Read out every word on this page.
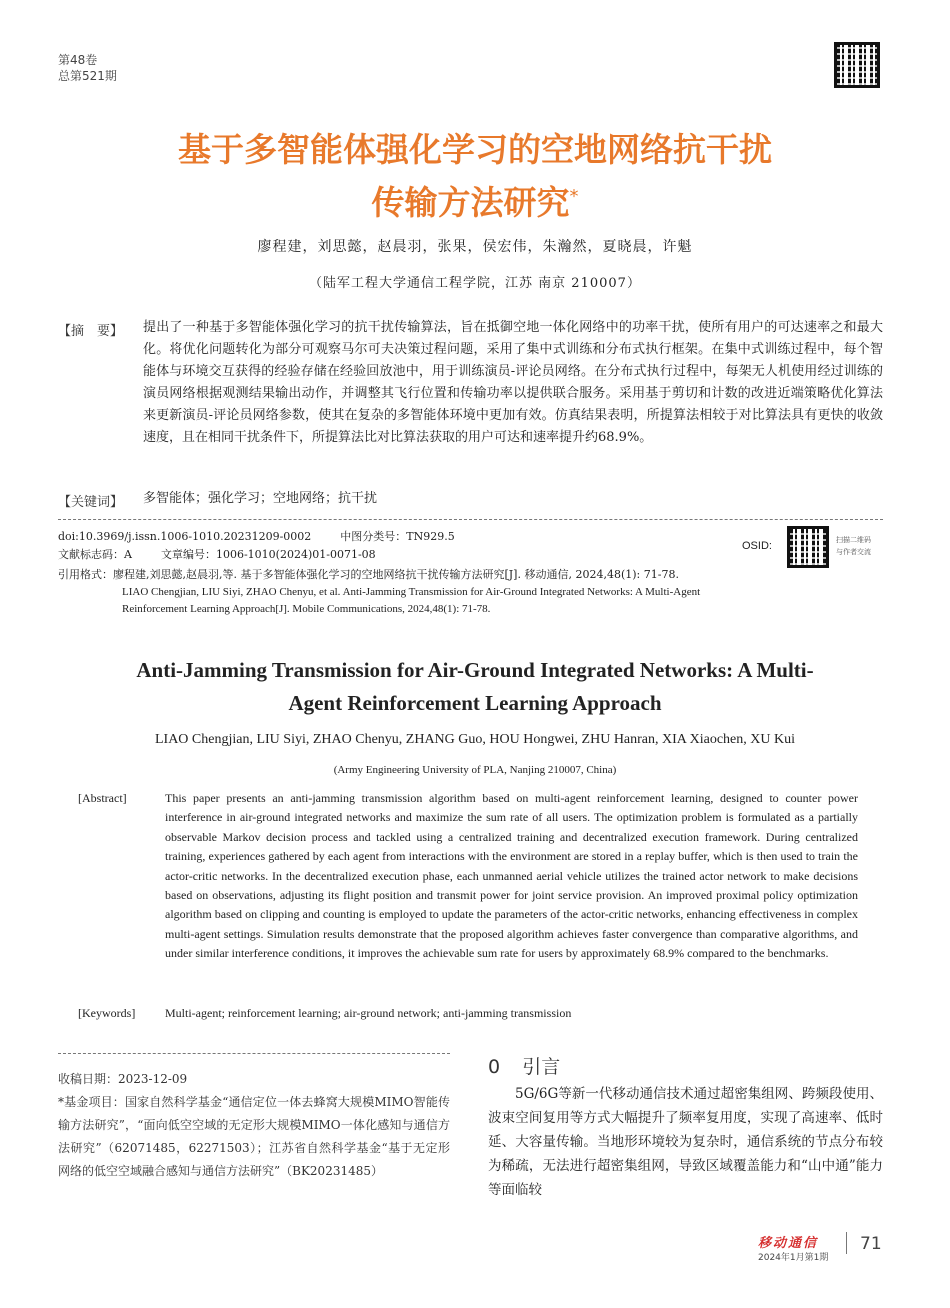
第48卷
总第521期
基于多智能体强化学习的空地网络抗干扰
传输方法研究*
廖程建，刘思懿，赵晨羽，张果，侯宏伟，朱瀚然，夏晓晨，许魁
（陆军工程大学通信工程学院，江苏 南京 210007）
【摘　要】 提出了一种基于多智能体强化学习的抗干扰传输算法，旨在抵御空地一体化网络中的功率干扰，使所有用户的可达速率之和最大化。将优化问题转化为部分可观察马尔可夫决策过程问题，采用了集中式训练和分布式执行框架。在集中式训练过程中，每个智能体与环境交互获得的经验存储在经验回放池中，用于训练演员-评论员网络。在分布式执行过程中，每架无人机使用经过训练的演员网络根据观测结果输出动作，并调整其飞行位置和传输功率以提供联合服务。采用基于剪切和计数的改进近端策略优化算法来更新演员-评论员网络参数，使其在复杂的多智能体环境中更加有效。仿真结果表明，所提算法相较于对比算法具有更快的收敛速度，且在相同干扰条件下，所提算法比对比算法获取的用户可达和速率提升约68.9%。
【关键词】 多智能体；强化学习；空地网络；抗干扰
doi:10.3969/j.issn.1006-1010.20231209-0002	中图分类号：TN929.5
文献标志码：A	文章编号：1006-1010(2024)01-0071-08
OSID:	扫描二维码
与作者交流
引用格式：廖程建,刘思懿,赵晨羽,等. 基于多智能体强化学习的空地网络抗干扰传输方法研究[J]. 移动通信, 2024,48(1): 71-78.
LIAO Chengjian, LIU Siyi, ZHAO Chenyu, et al. Anti-Jamming Transmission for Air-Ground Integrated Networks: A Multi-Agent
Reinforcement Learning Approach[J]. Mobile Communications, 2024,48(1): 71-78.
Anti-Jamming Transmission for Air-Ground Integrated Networks: A Multi-
Agent Reinforcement Learning Approach
LIAO Chengjian, LIU Siyi, ZHAO Chenyu, ZHANG Guo, HOU Hongwei, ZHU Hanran, XIA Xiaochen, XU Kui
(Army Engineering University of PLA, Nanjing 210007, China)
[Abstract]	This paper presents an anti-jamming transmission algorithm based on multi-agent reinforcement learning, designed to counter power interference in air-ground integrated networks and maximize the sum rate of all users. The optimization problem is formulated as a partially observable Markov decision process and tackled using a centralized training and decentralized execution framework. During centralized training, experiences gathered by each agent from interactions with the environment are stored in a replay buffer, which is then used to train the actor-critic networks. In the decentralized execution phase, each unmanned aerial vehicle utilizes the trained actor network to make decisions based on observations, adjusting its flight position and transmit power for joint service provision. An improved proximal policy optimization algorithm based on clipping and counting is employed to update the parameters of the actor-critic networks, enhancing effectiveness in complex multi-agent settings. Simulation results demonstrate that the proposed algorithm achieves faster convergence than comparative algorithms, and under similar interference conditions, it improves the achievable sum rate for users by approximately 68.9% compared to the benchmarks.
[Keywords] Multi-agent; reinforcement learning; air-ground network; anti-jamming transmission
收稿日期：2023-12-09
*基金项目：国家自然科学基金“通信定位一体去蜂窝大规模MIMO智能传输方法研究”，“面向低空空域的无定形大规模MIMO一体化感知与通信方法研究”（62071485，62271503）；江苏省自然科学基金“基于无定形网络的低空空域融合感知与通信方法研究”（BK20231485）
0 引言
5G/6G等新一代移动通信技术通过超密集组网、跨频段使用、波束空间复用等方式大幅提升了频率复用度，实现了高速率、低时延、大容量传输。当地形环境较为复杂时，通信系统的节点分布较为稀疏，无法进行超密集组网，导致区域覆盖能力和“山中通”能力等面临较
移动通信
2024年1月第1期
71
